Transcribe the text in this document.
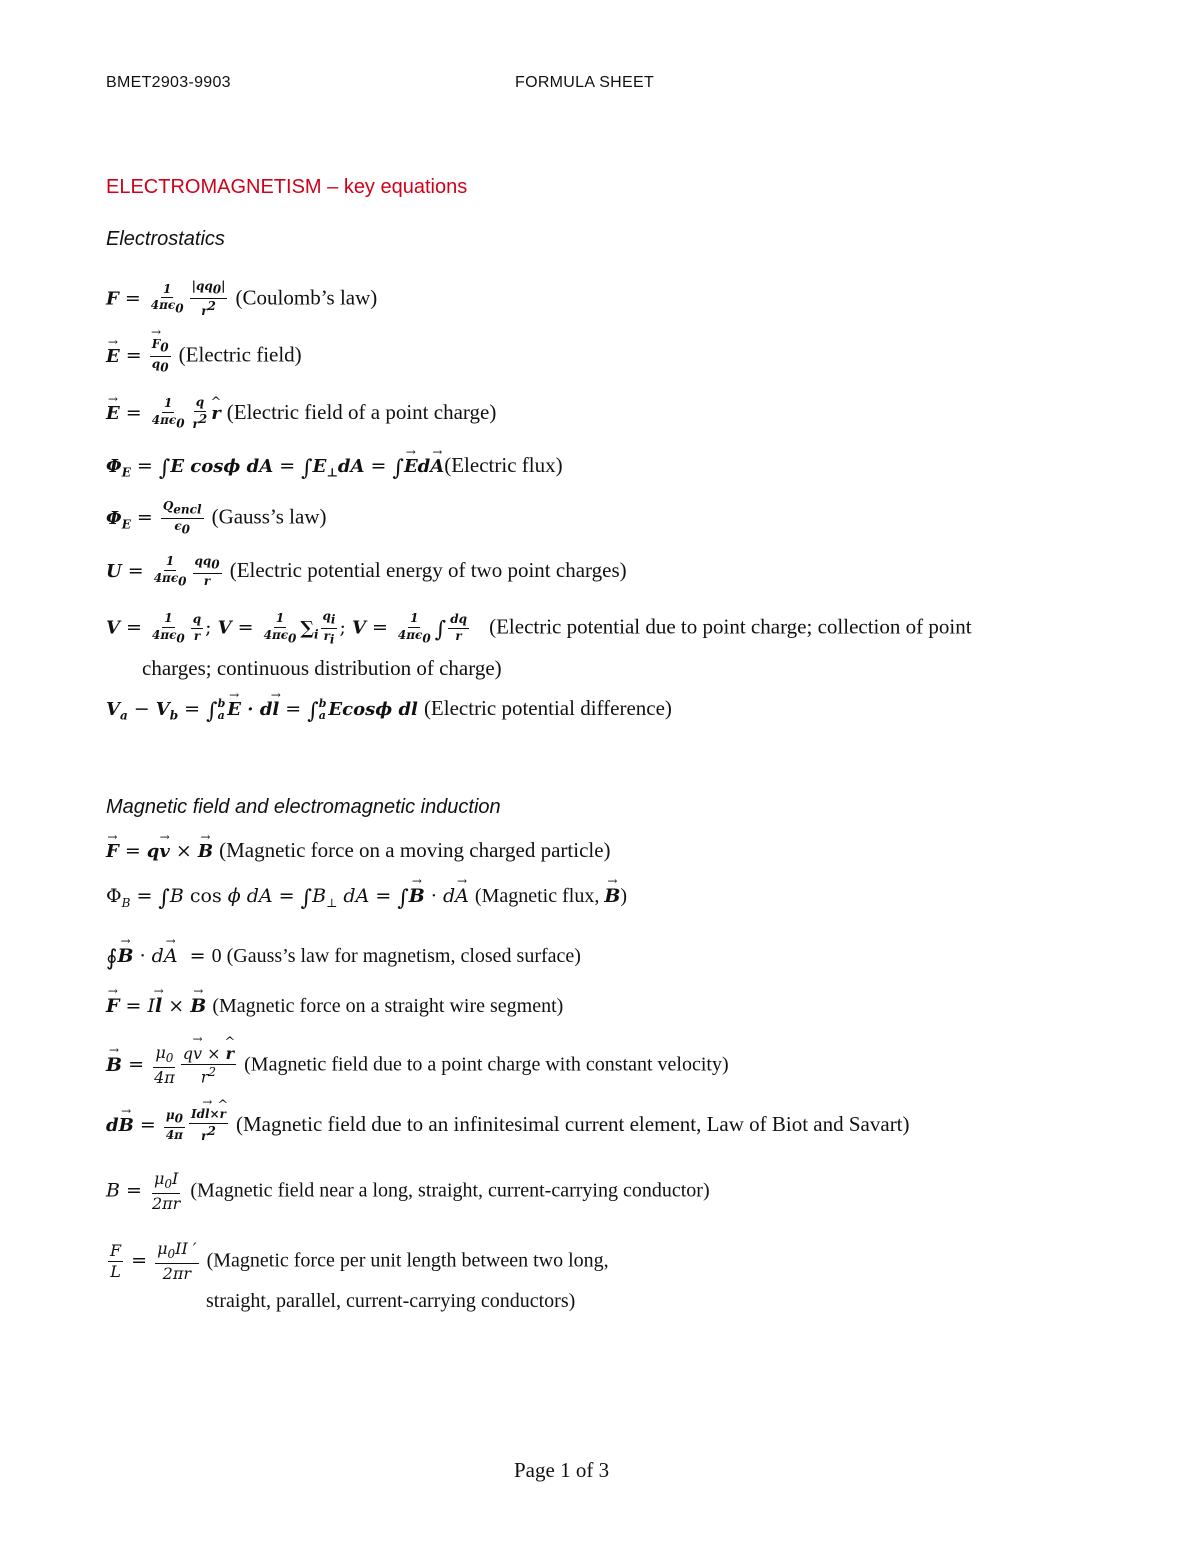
BMET2903-9903	FORMULA SHEET
ELECTROMAGNETISM – key equations
Electrostatics
$F = \frac{1}{4\pi\epsilon_0} \frac{|qq_0|}{r^2}$ (Coulomb’s law)
→ E = → $\frac{F_0}{q_0}$ (Electric field)
→ $E = \frac{1}{4\pi\epsilon_0} \frac{q}{r^2}$ ^ r (Electric field of a point charge)
$\Phi_E = \int E$ cosϕ dA = $\int E_\perp dA$ = ∫→ Ed→ A(Electric flux)
$\Phi_E = \frac{Q_{encl}}{\epsilon_0}$ (Gauss’s law)
$U = \frac{1}{4\pi\epsilon_0} \frac{qq_0}{r}$ (Electric potential energy of two point charges)
$V = \frac{1}{4\pi\epsilon_0} \frac{q}{r}$ ; $V = \frac{1}{4\pi\epsilon_0} \sum_i \frac{q_i}{r_i}$ ; $V = \frac{1}{4\pi\epsilon_0}$ ∫ $\frac{dq}{r}$ (Electric potential due to point charge; collection of point
charges; continuous distribution of charge)
$V_a - V_b$ = ∫ b
a → E · d→ l = ∫ b
a Ecosϕ dl (Electric potential difference)
Magnetic field and electromagnetic induction
→ F = q→ v × → B (Magnetic force on a moving charged particle)
$\Phi_B = \int B$ cos ϕ dA = $\int B_\perp$ dA = ∫→ B · d→ A (Magnetic flux, → B)
∮→ B · d→ A  = 0 (Gauss’s law for magnetism, closed surface)
→ F = I→ l × → B (Magnetic force on a straight wire segment)
→ $B = \frac{\mu_0}{4\pi} \frac{q\to v \times \^{} r}{r^2}$ (Magnetic field due to a point charge with constant velocity)
$d\to B = \frac{\mu_0}{4\pi} \frac{Id\to l\times\^{} r}{r^2}$ (Magnetic field due to an infinitesimal current element, Law of Biot and Savart)
$B = \frac{\mu_0I}{2\pi r}$ (Magnetic field near a long, straight, current-carrying conductor)
$\frac{F}{L} = \frac{\mu_0II '}{2\pi r}$ (Magnetic force per unit length between two long,
straight, parallel, current-carrying conductors)
Page 1 of 3
